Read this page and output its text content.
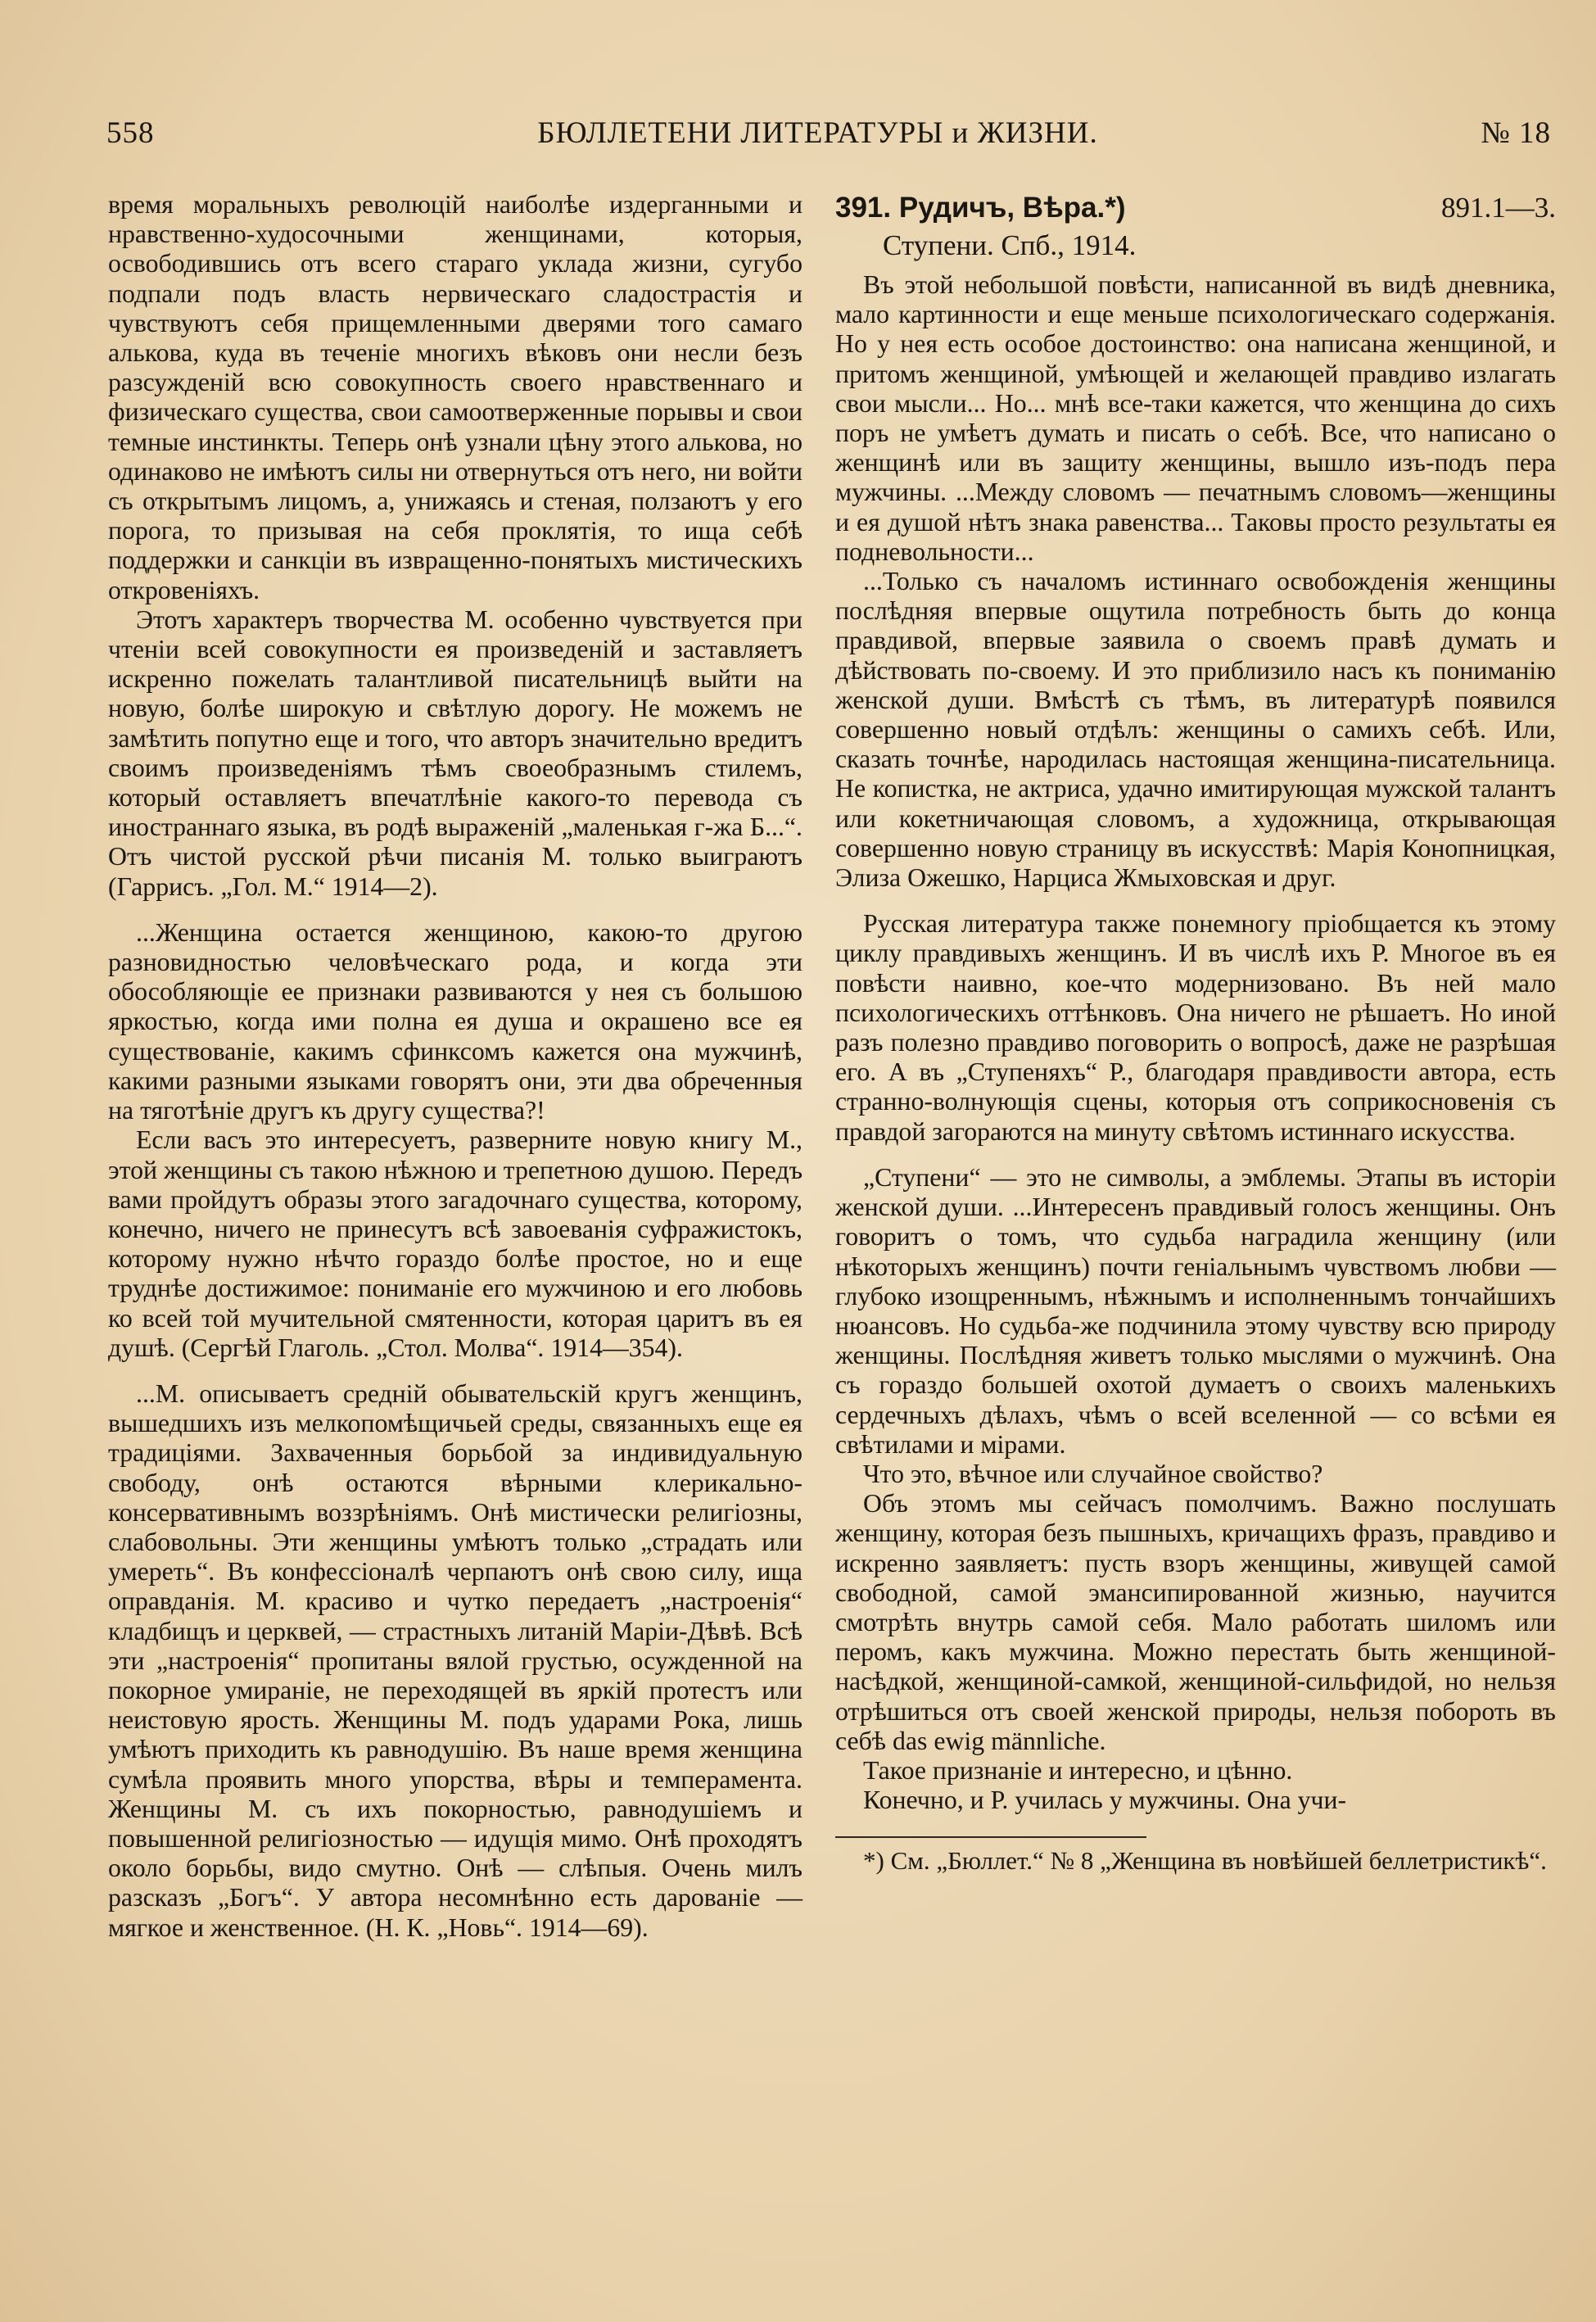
558	БЮЛЛЕТЕНИ ЛИТЕРАТУРЫ и ЖИЗНИ.	№ 18

время моральныхъ революцій наиболѣе издерганными и нравственно-худосочными женщинами, которыя, освободившись отъ всего стараго уклада жизни, сугубо подпали подъ власть нервическаго сладострастія и чувствуютъ себя прищемленными дверями того самаго алькова, куда въ теченіе многихъ вѣковъ они несли безъ разсужденій всю совокупность своего нравственнаго и физическаго существа, свои самоотверженные порывы и свои темные инстинкты. Теперь онѣ узнали цѣну этого алькова, но одинаково не имѣютъ силы ни отвернуться отъ него, ни войти съ открытымъ лицомъ, а, унижаясь и стеная, ползаютъ у его порога, то призывая на себя проклятія, то ища себѣ поддержки и санкціи въ извращенно-понятыхъ мистическихъ откровеніяхъ.

Этотъ характеръ творчества М. особенно чувствуется при чтеніи всей совокупности ея произведеній и заставляетъ искренно пожелать талантливой писательницѣ выйти на новую, болѣе широкую и свѣтлую дорогу. Не можемъ не замѣтить попутно еще и того, что авторъ значительно вредитъ своимъ произведеніямъ тѣмъ своеобразнымъ стилемъ, который оставляетъ впечатлѣніе какого-то перевода съ иностраннаго языка, въ родѣ выраженій „маленькая г-жа Б...“. Отъ чистой русской рѣчи писанія М. только выиграютъ (Гаррисъ. „Гол. М.“ 1914—2).

...Женщина остается женщиною, какою-то другою разновидностью человѣческаго рода, и когда эти обособляющіе ее признаки развиваются у нея съ большою яркостью, когда ими полна ея душа и окрашено все ея существованіе, какимъ сфинксомъ кажется она мужчинѣ, какими разными языками говорятъ они, эти два обреченныя на тяготѣніе другъ къ другу существа?!

Если васъ это интересуетъ, разверните новую книгу М., этой женщины съ такою нѣжною и трепетною душою. Передъ вами пройдутъ образы этого загадочнаго существа, которому, конечно, ничего не принесутъ всѣ завоеванія суфражистокъ, которому нужно нѣчто гораздо болѣе простое, но и еще труднѣе достижимое: пониманіе его мужчиною и его любовь ко всей той мучительной смятенности, которая царитъ въ ея душѣ. (Сергѣй Глаголь. „Стол. Молва“. 1914—354).

...М. описываетъ средній обывательскій кругъ женщинъ, вышедшихъ изъ мелкопомѣщичьей среды, связанныхъ еще ея традиціями. Захваченныя борьбой за индивидуальную свободу, онѣ остаются вѣрными клерикально-консервативнымъ воззрѣніямъ. Онѣ мистически религіозны, слабовольны. Эти женщины умѣютъ только „страдать или умереть“. Въ конфессіоналѣ черпаютъ онѣ свою силу, ища оправданія. М. красиво и чутко передаетъ „настроенія“ кладбищъ и церквей, — страстныхъ литаній Маріи-Дѣвѣ. Всѣ эти „настроенія“ пропитаны вялой грустью, осужденной на покорное умираніе, не переходящей въ яркій протестъ или неистовую ярость. Женщины М. подъ ударами Рока, лишь умѣютъ приходить къ равнодушію. Въ наше время женщина сумѣла проявить много упорства, вѣры и темперамента. Женщины М. съ ихъ покорностью, равнодушіемъ и повышенной религіозностью — идущія мимо. Онѣ проходятъ около борьбы, видо смутно. Онѣ — слѣпыя. Очень милъ разсказъ „Богъ“. У автора несомнѣнно есть дарованіе — мягкое и женственное. (Н. К. „Новь“. 1914—69).

391. Рудичъ, Вѣра.*)	891.1—3.
Ступени. Спб., 1914.

Въ этой небольшой повѣсти, написанной въ видѣ дневника, мало картинности и еще меньше психологическаго содержанія. Но у нея есть особое достоинство: она написана женщиной, и притомъ женщиной, умѣющей и желающей правдиво излагать свои мысли... Но... мнѣ все-таки кажется, что женщина до сихъ поръ не умѣетъ думать и писать о себѣ. Все, что написано о женщинѣ или въ защиту женщины, вышло изъ-подъ пера мужчины. ...Между словомъ — печатнымъ словомъ—женщины и ея душой нѣтъ знака равенства... Таковы просто результаты ея подневольности...

...Только съ началомъ истиннаго освобожденія женщины послѣдняя впервые ощутила потребность быть до конца правдивой, впервые заявила о своемъ правѣ думать и дѣйствовать по-своему. И это приблизило насъ къ пониманію женской души. Вмѣстѣ съ тѣмъ, въ литературѣ появился совершенно новый отдѣлъ: женщины о самихъ себѣ. Или, сказать точнѣе, народилась настоящая женщина-писательница. Не копистка, не актриса, удачно имитирующая мужской талантъ или кокетничающая словомъ, а художница, открывающая совершенно новую страницу въ искусствѣ: Марія Конопницкая, Элиза Ожешко, Нарциса Жмыховская и друг.

Русская литература также понемногу пріобщается къ этому циклу правдивыхъ женщинъ. И въ числѣ ихъ Р. Многое въ ея повѣсти наивно, кое-что модернизовано. Въ ней мало психологическихъ оттѣнковъ. Она ничего не рѣшаетъ. Но иной разъ полезно правдиво поговорить о вопросѣ, даже не разрѣшая его. А въ „Ступеняхъ“ Р., благодаря правдивости автора, есть странно-волнующія сцены, которыя отъ соприкосновенія съ правдой загораются на минуту свѣтомъ истиннаго искусства.

„Ступени“ — это не символы, а эмблемы. Этапы въ исторіи женской души. ...Интересенъ правдивый голосъ женщины. Онъ говоритъ о томъ, что судьба наградила женщину (или нѣкоторыхъ женщинъ) почти геніальнымъ чувствомъ любви — глубоко изощреннымъ, нѣжнымъ и исполненнымъ тончайшихъ нюансовъ. Но судьба-же подчинила этому чувству всю природу женщины. Послѣдняя живетъ только мыслями о мужчинѣ. Она съ гораздо большей охотой думаетъ о своихъ маленькихъ сердечныхъ дѣлахъ, чѣмъ о всей вселенной — со всѣми ея свѣтилами и мірами.

Что это, вѣчное или случайное свойство?

Объ этомъ мы сейчасъ помолчимъ. Важно послушать женщину, которая безъ пышныхъ, кричащихъ фразъ, правдиво и искренно заявляетъ: пусть взоръ женщины, живущей самой свободной, самой эмансипированной жизнью, научится смотрѣть внутрь самой себя. Мало работать шиломъ или перомъ, какъ мужчина. Можно перестать быть женщиной-насѣдкой, женщиной-самкой, женщиной-сильфидой, но нельзя отрѣшиться отъ своей женской природы, нельзя побороть въ себѣ das ewig männliche.

Такое признаніе и интересно, и цѣнно.

Конечно, и Р. училась у мужчины. Она учи-

*) См. „Бюллет.“ № 8 „Женщина въ новѣйшей беллетристикѣ“.
